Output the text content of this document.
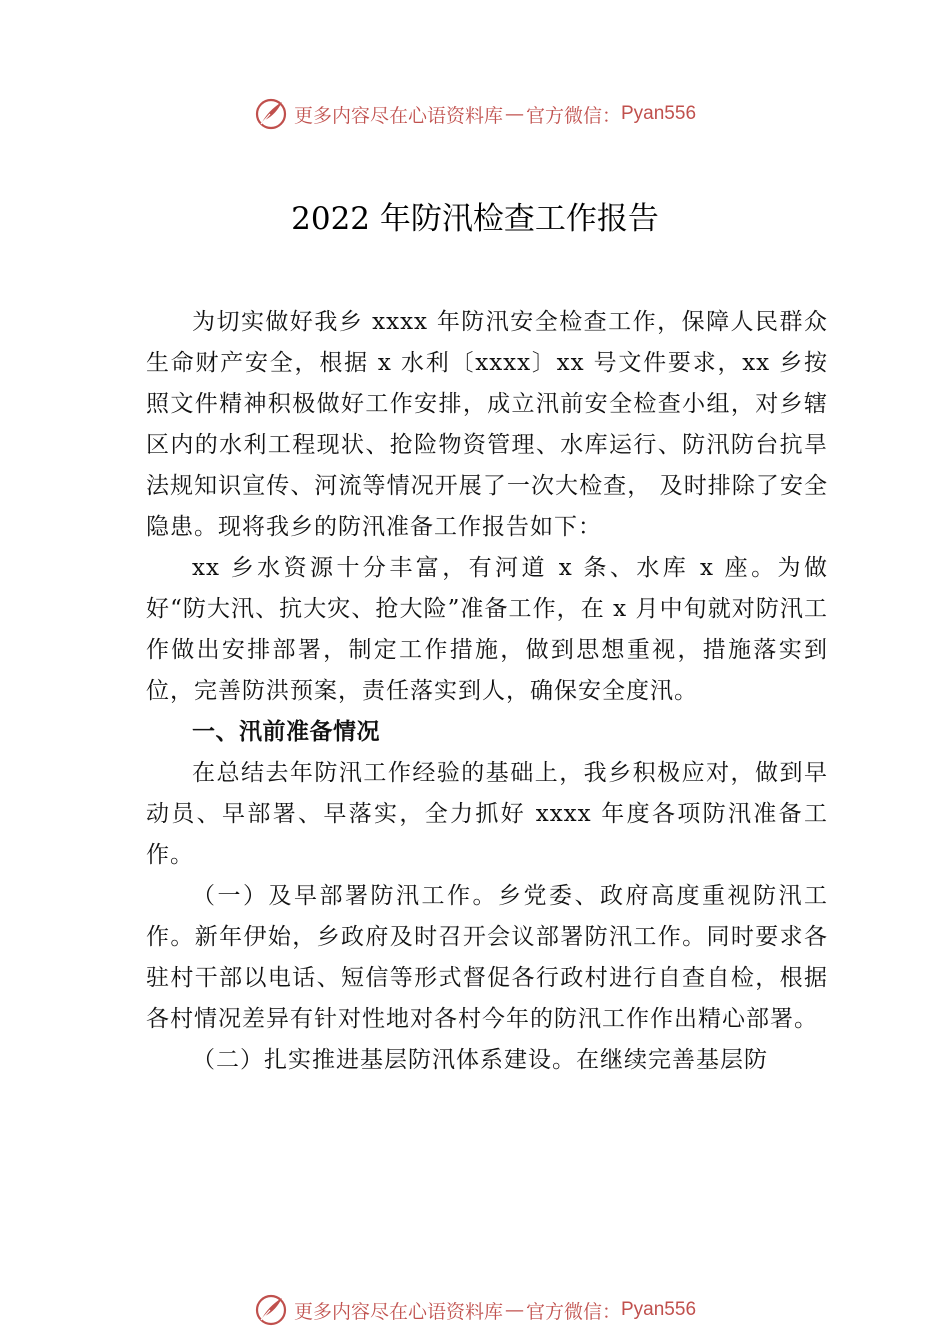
更多内容尽在心语资料库 — 官方微信： Pyan556
2022 年防汛检查工作报告

为切实做好我乡 xxxx 年防汛安全检查工作，保障人民群众生命财产安全，根据 x 水利〔xxxx〕xx 号文件要求，xx 乡按照文件精神积极做好工作安排，成立汛前安全检查小组，对乡辖区内的水利工程现状、抢险物资管理、水库运行、防汛防台抗旱法规知识宣传、河流等情况开展了一次大检查， 及时排除了安全隐患。现将我乡的防汛准备工作报告如下：

xx 乡水资源十分丰富，有河道 x 条、水库 x 座。为做好“防大汛、抗大灾、抢大险”准备工作，在 x 月中旬就对防汛工作做出安排部署，制定工作措施，做到思想重视，措施落实到位，完善防洪预案，责任落实到人，确保安全度汛。

一、汛前准备情况

在总结去年防汛工作经验的基础上，我乡积极应对，做到早动员、早部署、早落实，全力抓好 xxxx 年度各项防汛准备工作。

（一）及早部署防汛工作。乡党委、政府高度重视防汛工作。新年伊始，乡政府及时召开会议部署防汛工作。同时要求各驻村干部以电话、短信等形式督促各行政村进行自查自检，根据各村情况差异有针对性地对各村今年的防汛工作作出精心部署。

（二）扎实推进基层防汛体系建设。在继续完善基层防

更多内容尽在心语资料库 — 官方微信： Pyan556
